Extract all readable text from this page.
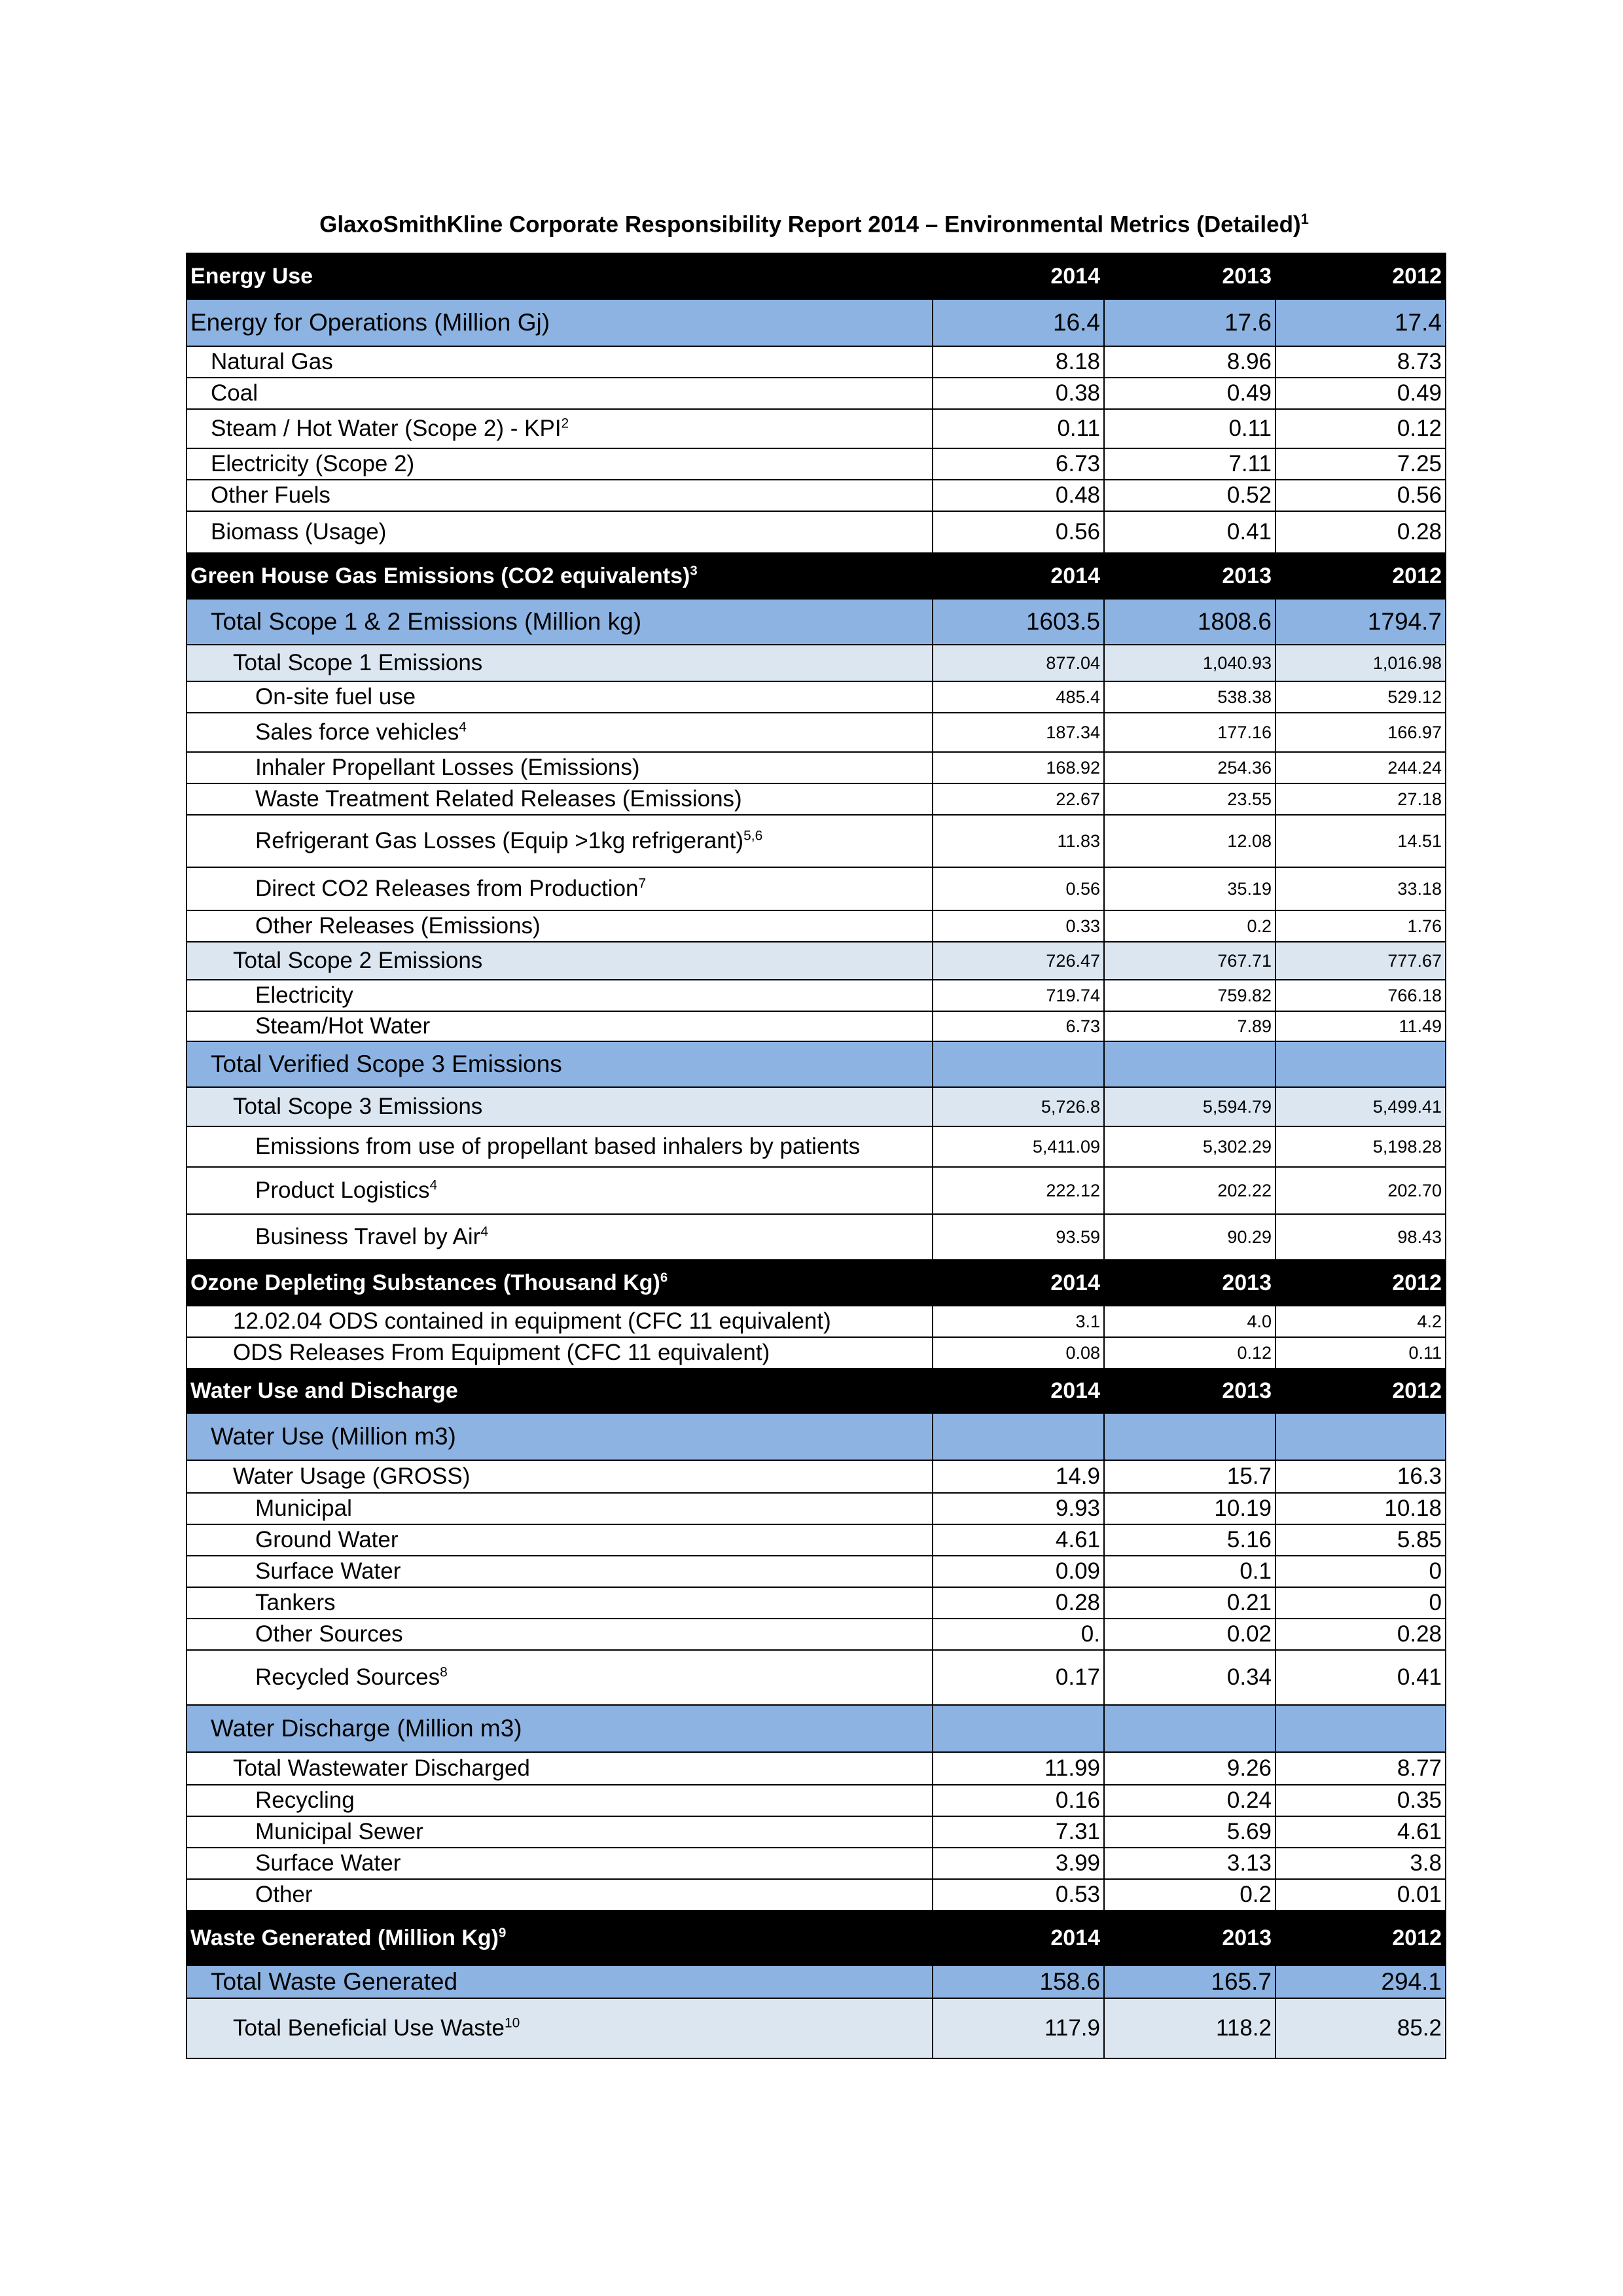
GlaxoSmithKline Corporate Responsibility Report 2014 – Environmental Metrics (Detailed)$^1$
Energy Use	2014	2013	2012
Energy for Operations (Million Gj)	16.4	17.6	17.4
Natural Gas	8.18	8.96	8.73
Coal	0.38	0.49	0.49
Steam / Hot Water (Scope 2) - KPI$^2$	0.11	0.11	0.12
Electricity (Scope 2)	6.73	7.11	7.25
Other Fuels	0.48	0.52	0.56
Biomass (Usage)	0.56	0.41	0.28
Green House Gas Emissions (CO2 equivalents)$^3$	2014	2013	2012
Total Scope 1 & 2 Emissions (Million kg)	1603.5	1808.6	1794.7
Total Scope 1 Emissions	877.04	1,040.93	1,016.98
On-site fuel use	485.4	538.38	529.12
Sales force vehicles$^4$	187.34	177.16	166.97
Inhaler Propellant Losses (Emissions)	168.92	254.36	244.24
Waste Treatment Related Releases (Emissions)	22.67	23.55	27.18
Refrigerant Gas Losses (Equip >1kg refrigerant)$^{5,6}$	11.83	12.08	14.51
Direct CO2 Releases from Production$^7$	0.56	35.19	33.18
Other Releases (Emissions)	0.33	0.2	1.76
Total Scope 2 Emissions	726.47	767.71	777.67
Electricity	719.74	759.82	766.18
Steam/Hot Water	6.73	7.89	11.49
Total Verified Scope 3 Emissions			
Total Scope 3 Emissions	5,726.8	5,594.79	5,499.41
Emissions from use of propellant based inhalers by patients	5,411.09	5,302.29	5,198.28
Product Logistics$^4$	222.12	202.22	202.70
Business Travel by Air$^4$	93.59	90.29	98.43
Ozone Depleting Substances (Thousand Kg)$^6$	2014	2013	2012
12.02.04 ODS contained in equipment (CFC 11 equivalent)	3.1	4.0	4.2
ODS Releases From Equipment (CFC 11 equivalent)	0.08	0.12	0.11
Water Use and Discharge	2014	2013	2012
Water Use (Million m3)			
Water Usage (GROSS)	14.9	15.7	16.3
Municipal	9.93	10.19	10.18
Ground Water	4.61	5.16	5.85
Surface Water	0.09	0.1	0
Tankers	0.28	0.21	0
Other Sources	0.	0.02	0.28
Recycled Sources$^8$	0.17	0.34	0.41
Water Discharge (Million m3)			
Total Wastewater Discharged	11.99	9.26	8.77
Recycling	0.16	0.24	0.35
Municipal Sewer	7.31	5.69	4.61
Surface Water	3.99	3.13	3.8
Other	0.53	0.2	0.01
Waste Generated (Million Kg)$^9$	2014	2013	2012
Total Waste Generated	158.6	165.7	294.1
Total Beneficial Use Waste$^{10}$	117.9	118.2	85.2
